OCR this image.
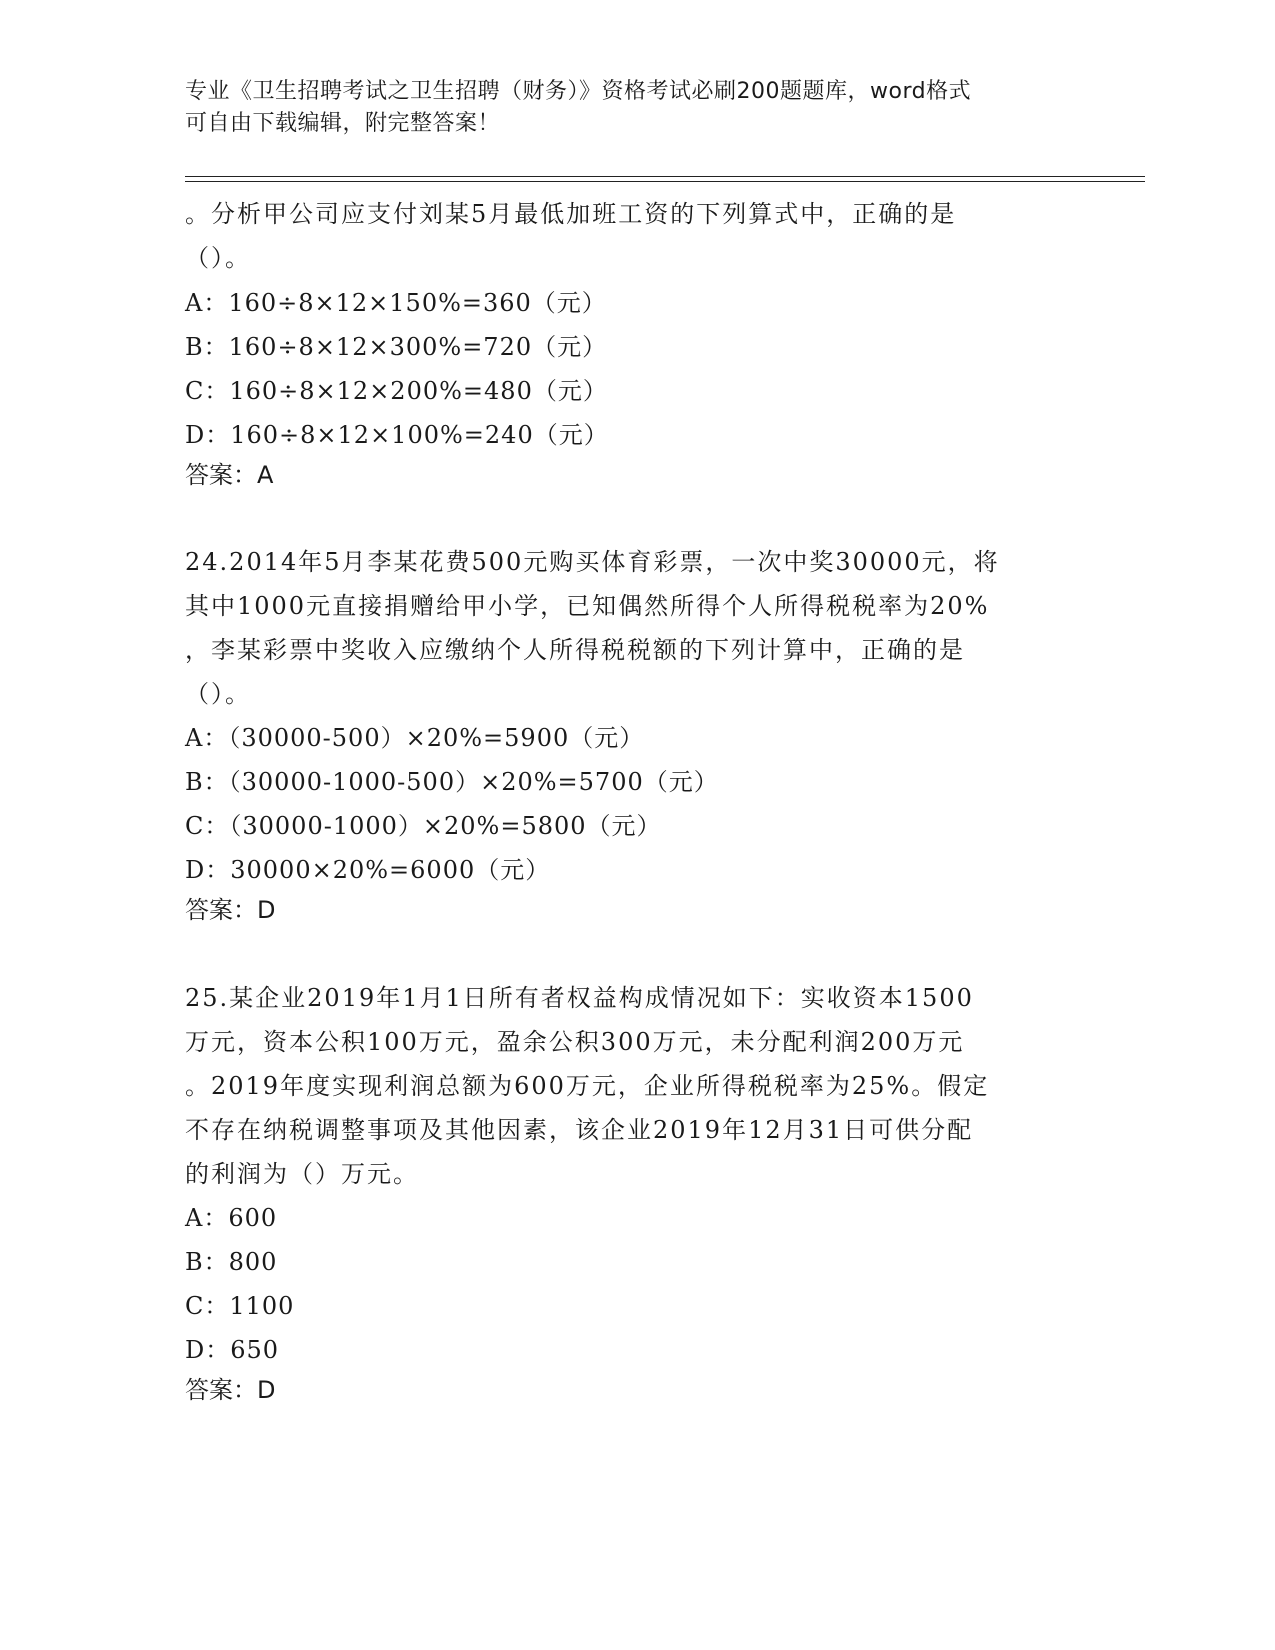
专业《卫生招聘考试之卫生招聘（财务）》资格考试必刷200题题库，word格式
可自由下载编辑，附完整答案！
。分析甲公司应支付刘某5月最低加班工资的下列算式中，正确的是
（）。
A：160÷8×12×150%=360（元）
B：160÷8×12×300%=720（元）
C：160÷8×12×200%=480（元）
D：160÷8×12×100%=240（元）
答案：A
24.2014年5月李某花费500元购买体育彩票，一次中奖30000元，将
其中1000元直接捐赠给甲小学，已知偶然所得个人所得税税率为20%
，李某彩票中奖收入应缴纳个人所得税税额的下列计算中，正确的是
（）。
A：（30000-500）×20%=5900（元）
B：（30000-1000-500）×20%=5700（元）
C：（30000-1000）×20%=5800（元）
D：30000×20%=6000（元）
答案：D
25.某企业2019年1月1日所有者权益构成情况如下：实收资本1500
万元，资本公积100万元，盈余公积300万元，未分配利润200万元
。2019年度实现利润总额为600万元，企业所得税税率为25%。假定
不存在纳税调整事项及其他因素，该企业2019年12月31日可供分配
的利润为（）万元。
A：600
B：800
C：1100
D：650
答案：D
